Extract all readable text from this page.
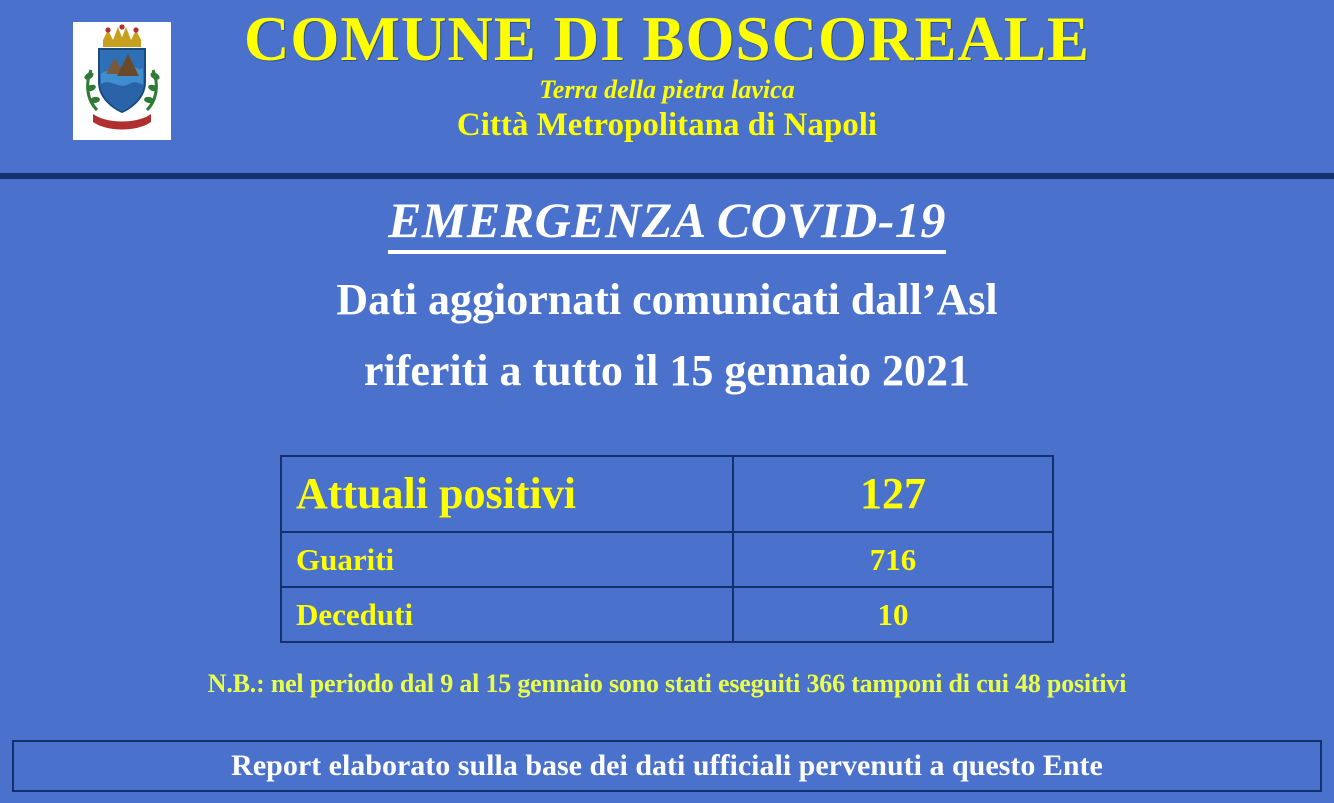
COMUNE DI BOSCOREALE
Terra della pietra lavica
Città Metropolitana di Napoli
EMERGENZA COVID-19
Dati aggiornati comunicati dall’Asl
riferiti a tutto il 15 gennaio 2021
Attuali positivi	127
Guariti	716
Deceduti	10
N.B.: nel periodo dal 9 al 15 gennaio sono stati eseguiti 366 tamponi di cui 48 positivi
Report elaborato sulla base dei dati ufficiali pervenuti a questo Ente
